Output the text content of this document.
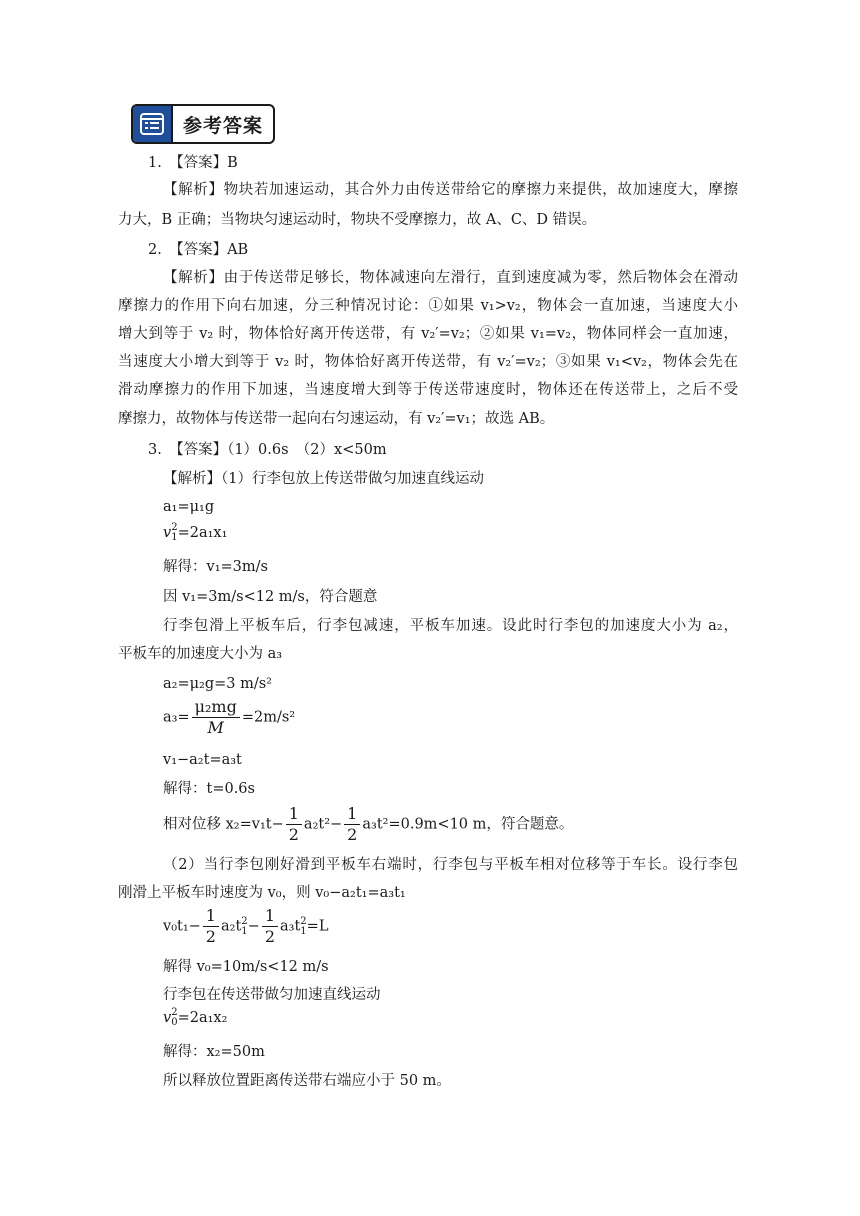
参考答案
1.　【答案】B
【解析】物块若加速运动，其合外力由传送带给它的摩擦力来提供，故加速度大，摩擦
力大，B 正确；当物块匀速运动时，物块不受摩擦力，故 A、C、D 错误。
2.　【答案】AB
【解析】由于传送带足够长，物体减速向左滑行，直到速度减为零，然后物体会在滑动
摩擦力的作用下向右加速，分三种情况讨论：①如果 v₁>v₂，物体会一直加速，当速度大小
增大到等于 v₂ 时，物体恰好离开传送带，有 v₂′=v₂；②如果 v₁=v₂，物体同样会一直加速，
当速度大小增大到等于 v₂ 时，物体恰好离开传送带，有 v₂′=v₂；③如果 v₁<v₂，物体会先在
滑动摩擦力的作用下加速，当速度增大到等于传送带速度时，物体还在传送带上，之后不受
摩擦力，故物体与传送带一起向右匀速运动，有 v₂′=v₁；故选 AB。
3.　【答案】（1）0.6s　（2）x<50m
【解析】（1）行李包放上传送带做匀加速直线运动
a₁=μ₁g
v 2
1 =2a₁x₁
解得：v₁=3m/s
因 v₁=3m/s<12 m/s，符合题意
行李包滑上平板车后，行李包减速，平板车加速。设此时行李包的加速度大小为 a₂，
平板车的加速度大小为 a₃
a₂=μ₂g=3 m/s²
$a_3= \frac{\text{μ₂mg}}{M} =2m/s^2$
v₁−a₂t=a₃t
解得：t=0.6s
相对位移 $x_2=v_1t- \frac{1}{2} a_2t^2- \frac{1}{2} a_3t^2=0.9m<10$ m，符合题意。
（2）当行李包刚好滑到平板车右端时，行李包与平板车相对位移等于车长。设行李包
刚滑上平板车时速度为 v₀，则 v₀−a₂t₁=a₃t₁
$v_0t_1- \frac{1}{2} a_2t$ 2
$1 - \frac{1}{2} a_3t$ 2
1 =L
解得 v₀=10m/s<12 m/s
行李包在传送带做匀加速直线运动
v 2
0 =2a₁x₂
解得：x₂=50m
所以释放位置距离传送带右端应小于 50 m。
